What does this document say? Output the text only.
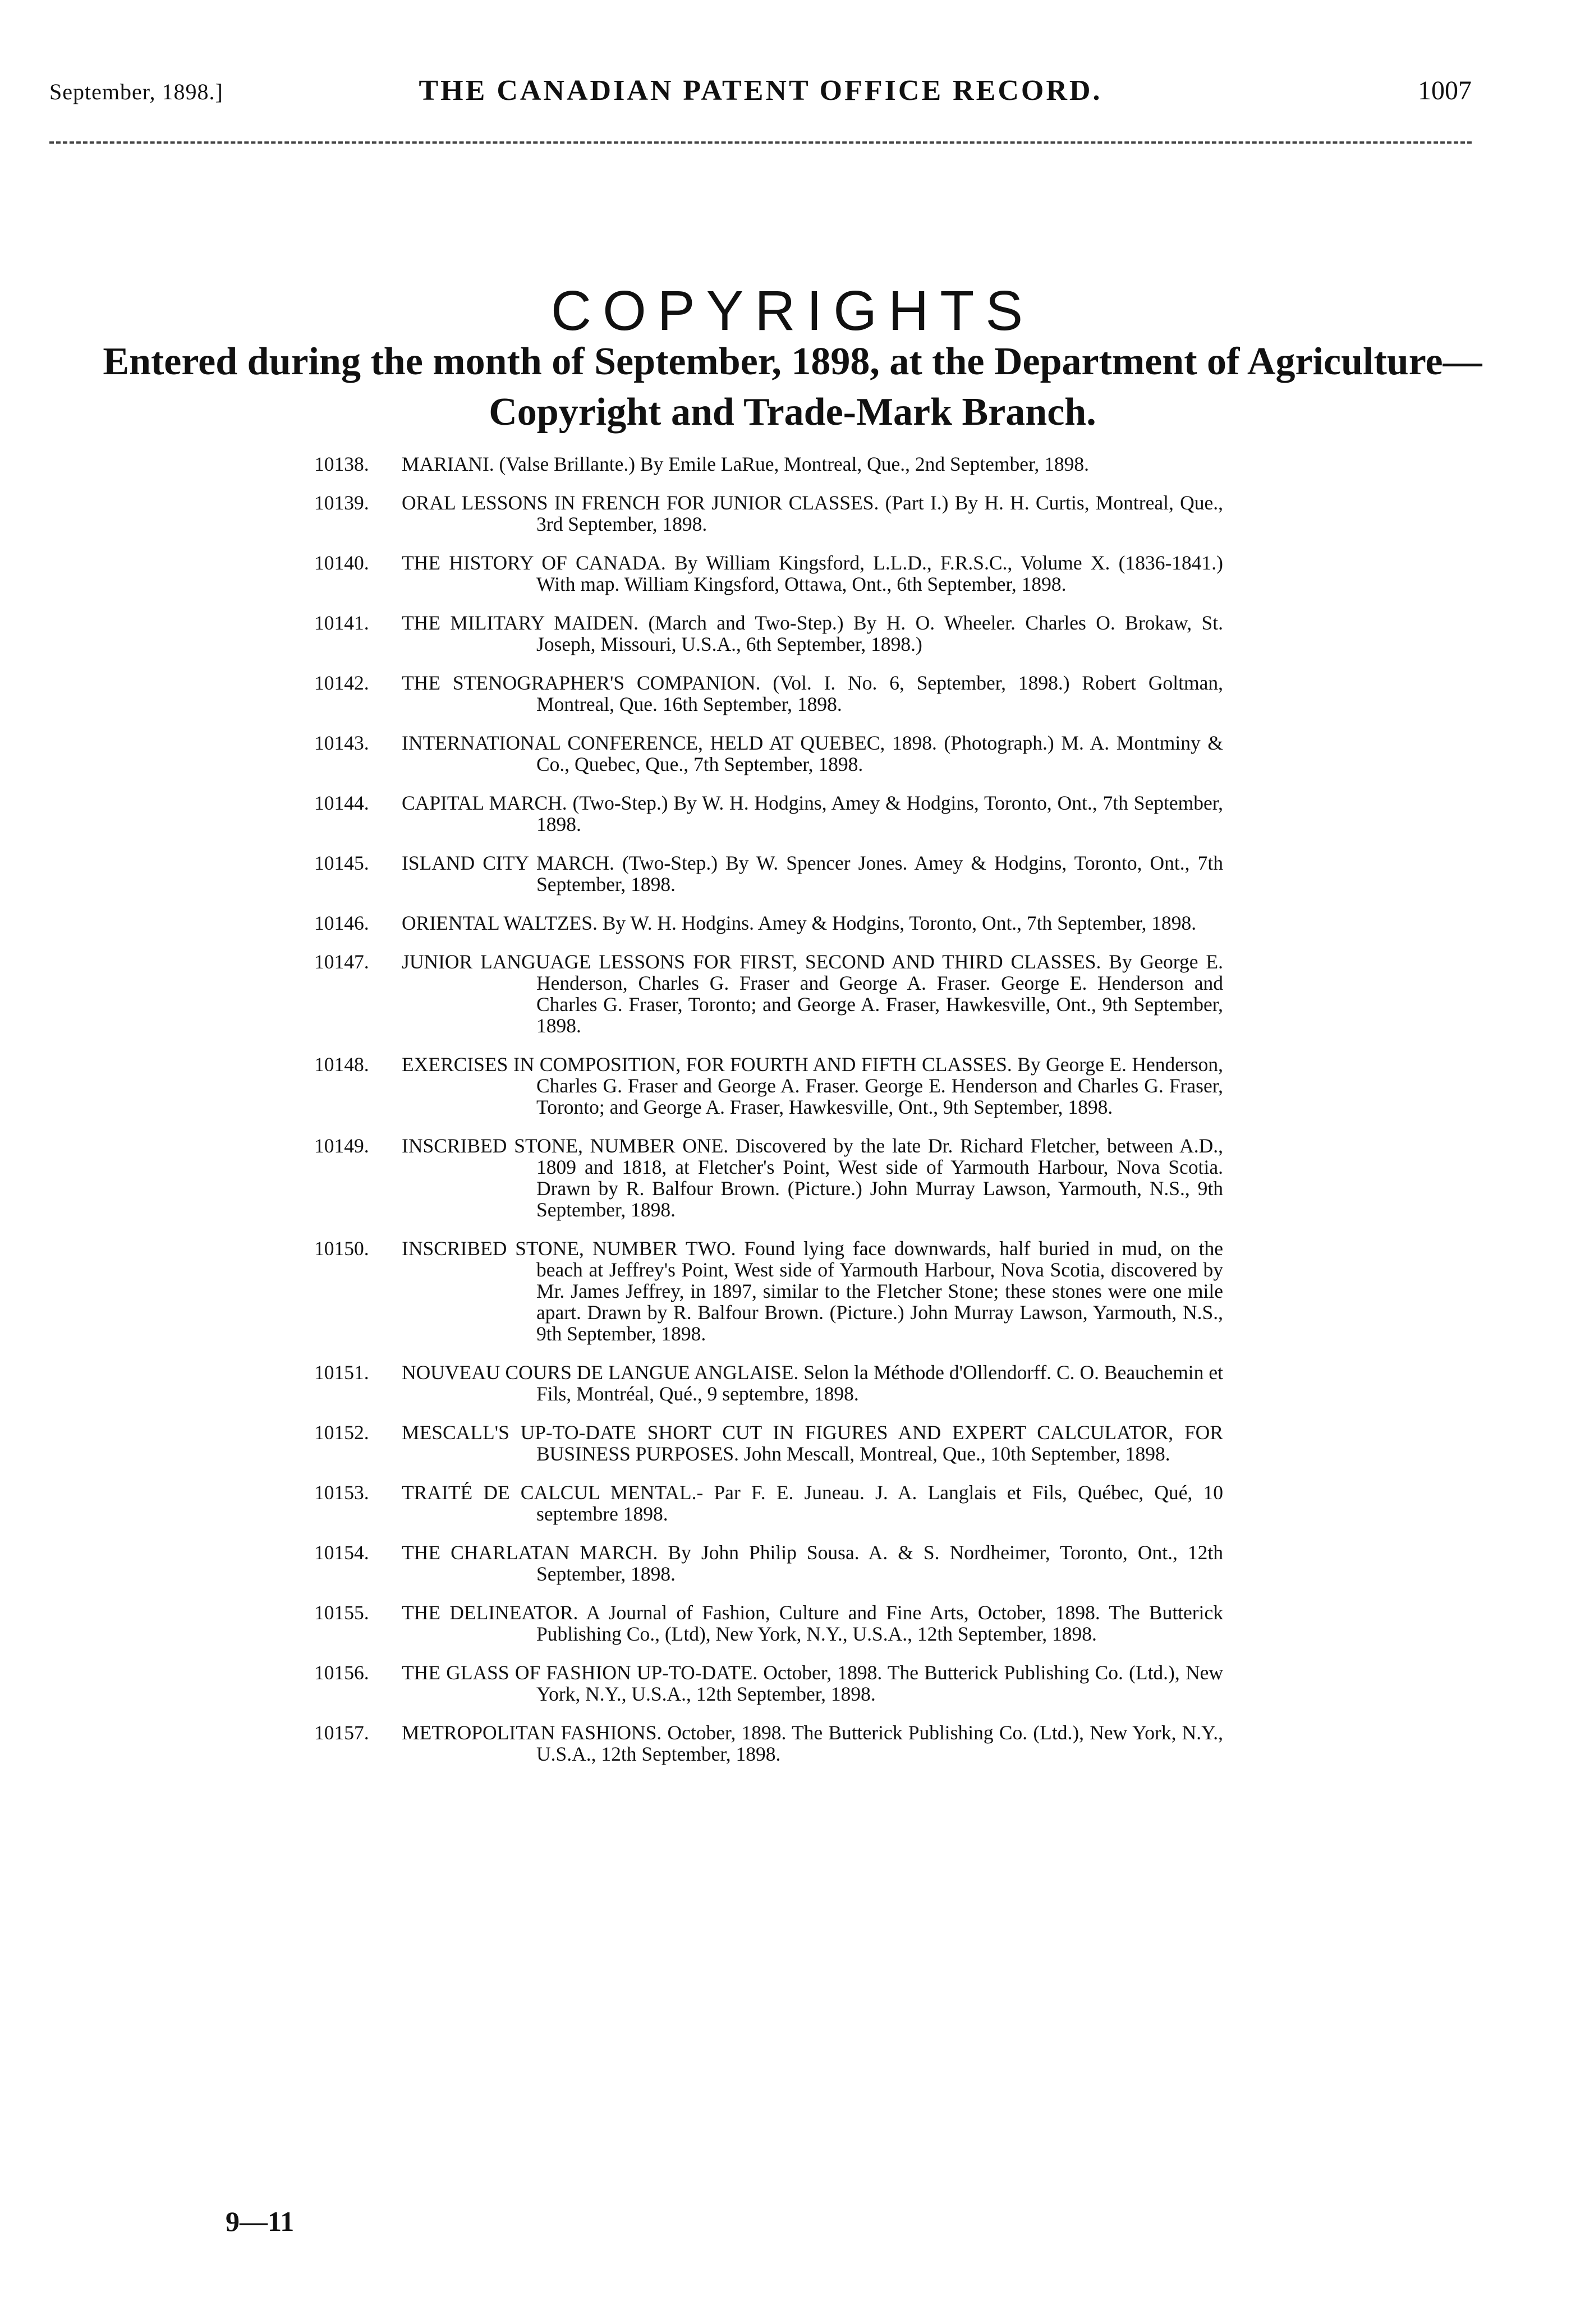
September, 1898.]	THE CANADIAN PATENT OFFICE RECORD.	1007
COPYRIGHTS
Entered during the month of September, 1898, at the Department of Agriculture—Copyright and Trade-Mark Branch.
10138. MARIANI. (Valse Brillante.) By Emile LaRue, Montreal, Que., 2nd September, 1898.
10139. ORAL LESSONS IN FRENCH FOR JUNIOR CLASSES. (Part I.) By H. H. Curtis, Montreal, Que., 3rd September, 1898.
10140. THE HISTORY OF CANADA. By William Kingsford, L.L.D., F.R.S.C., Volume X. (1836-1841.) With map. William Kingsford, Ottawa, Ont., 6th September, 1898.
10141. THE MILITARY MAIDEN. (March and Two-Step.) By H. O. Wheeler. Charles O. Brokaw, St. Joseph, Missouri, U.S.A., 6th September, 1898.)
10142. THE STENOGRAPHER'S COMPANION. (Vol. I. No. 6, September, 1898.) Robert Goltman, Montreal, Que. 16th September, 1898.
10143. INTERNATIONAL CONFERENCE, HELD AT QUEBEC, 1898. (Photograph.) M. A. Montminy & Co., Quebec, Que., 7th September, 1898.
10144. CAPITAL MARCH. (Two-Step.) By W. H. Hodgins, Amey & Hodgins, Toronto, Ont., 7th September, 1898.
10145. ISLAND CITY MARCH. (Two-Step.) By W. Spencer Jones. Amey & Hodgins, Toronto, Ont., 7th September, 1898.
10146. ORIENTAL WALTZES. By W. H. Hodgins. Amey & Hodgins, Toronto, Ont., 7th September, 1898.
10147. JUNIOR LANGUAGE LESSONS FOR FIRST, SECOND AND THIRD CLASSES. By George E. Henderson, Charles G. Fraser and George A. Fraser. George E. Henderson and Charles G. Fraser, Toronto; and George A. Fraser, Hawkesville, Ont., 9th September, 1898.
10148. EXERCISES IN COMPOSITION, FOR FOURTH AND FIFTH CLASSES. By George E. Henderson, Charles G. Fraser and George A. Fraser. George E. Henderson and Charles G. Fraser, Toronto; and George A. Fraser, Hawkesville, Ont., 9th September, 1898.
10149. INSCRIBED STONE, NUMBER ONE. Discovered by the late Dr. Richard Fletcher, between A.D., 1809 and 1818, at Fletcher's Point, West side of Yarmouth Harbour, Nova Scotia. Drawn by R. Balfour Brown. (Picture.) John Murray Lawson, Yarmouth, N.S., 9th September, 1898.
10150. INSCRIBED STONE, NUMBER TWO. Found lying face downwards, half buried in mud, on the beach at Jeffrey's Point, West side of Yarmouth Harbour, Nova Scotia, discovered by Mr. James Jeffrey, in 1897, similar to the Fletcher Stone; these stones were one mile apart. Drawn by R. Balfour Brown. (Picture.) John Murray Lawson, Yarmouth, N.S., 9th September, 1898.
10151. NOUVEAU COURS DE LANGUE ANGLAISE. Selon la Méthode d'Ollendorff. C. O. Beauchemin et Fils, Montréal, Qué., 9 septembre, 1898.
10152. MESCALL'S UP-TO-DATE SHORT CUT IN FIGURES AND EXPERT CALCULATOR, FOR BUSINESS PURPOSES. John Mescall, Montreal, Que., 10th September, 1898.
10153. TRAITÉ DE CALCUL MENTAL.- Par F. E. Juneau. J. A. Langlais et Fils, Québec, Qué, 10 septembre 1898.
10154. THE CHARLATAN MARCH. By John Philip Sousa. A. & S. Nordheimer, Toronto, Ont., 12th September, 1898.
10155. THE DELINEATOR. A Journal of Fashion, Culture and Fine Arts, October, 1898. The Butterick Publishing Co., (Ltd), New York, N.Y., U.S.A., 12th September, 1898.
10156. THE GLASS OF FASHION UP-TO-DATE. October, 1898. The Butterick Publishing Co. (Ltd.), New York, N.Y., U.S.A., 12th September, 1898.
10157. METROPOLITAN FASHIONS. October, 1898. The Butterick Publishing Co. (Ltd.), New York, N.Y., U.S.A., 12th September, 1898.
9—11
